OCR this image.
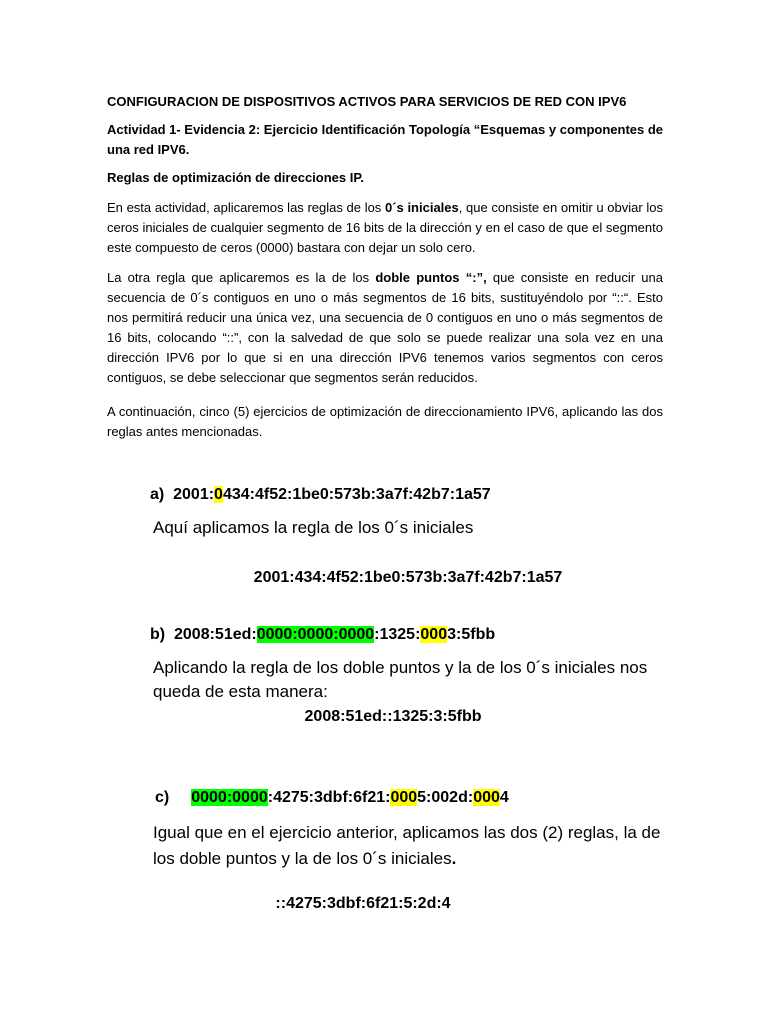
CONFIGURACION DE DISPOSITIVOS ACTIVOS PARA SERVICIOS DE RED CON IPV6
Actividad 1- Evidencia 2: Ejercicio Identificación Topología “Esquemas y componentes de una red IPV6.
Reglas de optimización de direcciones IP.
En esta actividad, aplicaremos las reglas de los 0´s iniciales, que consiste en omitir u obviar los ceros iniciales de cualquier segmento de 16 bits de la dirección y en el caso de que el segmento este compuesto de ceros (0000) bastara con dejar un solo cero.
La otra regla que aplicaremos es la de los doble puntos “:”, que consiste en reducir una secuencia de 0´s contiguos en uno o más segmentos de 16 bits, sustituyéndolo por “::“. Esto nos permitirá reducir una única vez, una secuencia de 0 contiguos en uno o más segmentos de 16 bits, colocando “::”, con la salvedad de que solo se puede realizar una sola vez en una dirección IPV6 por lo que si en una dirección IPV6 tenemos varios segmentos con ceros contiguos, se debe seleccionar que segmentos serán reducidos.
A continuación, cinco (5) ejercicios de optimización de direccionamiento IPV6, aplicando las dos reglas antes mencionadas.
a) 2001:0434:4f52:1be0:573b:3a7f:42b7:1a57
Aquí aplicamos la regla de los 0´s iniciales
2001:434:4f52:1be0:573b:3a7f:42b7:1a57
b) 2008:51ed:0000:0000:0000:1325:0003:5fbb
Aplicando la regla de los doble puntos y la de los 0´s iniciales nos queda de esta manera:
2008:51ed::1325:3:5fbb
c) 0000:0000:4275:3dbf:6f21:0005:002d:0004
Igual que en el ejercicio anterior, aplicamos las dos (2) reglas, la de los doble puntos y la de los 0´s iniciales.
::4275:3dbf:6f21:5:2d:4
